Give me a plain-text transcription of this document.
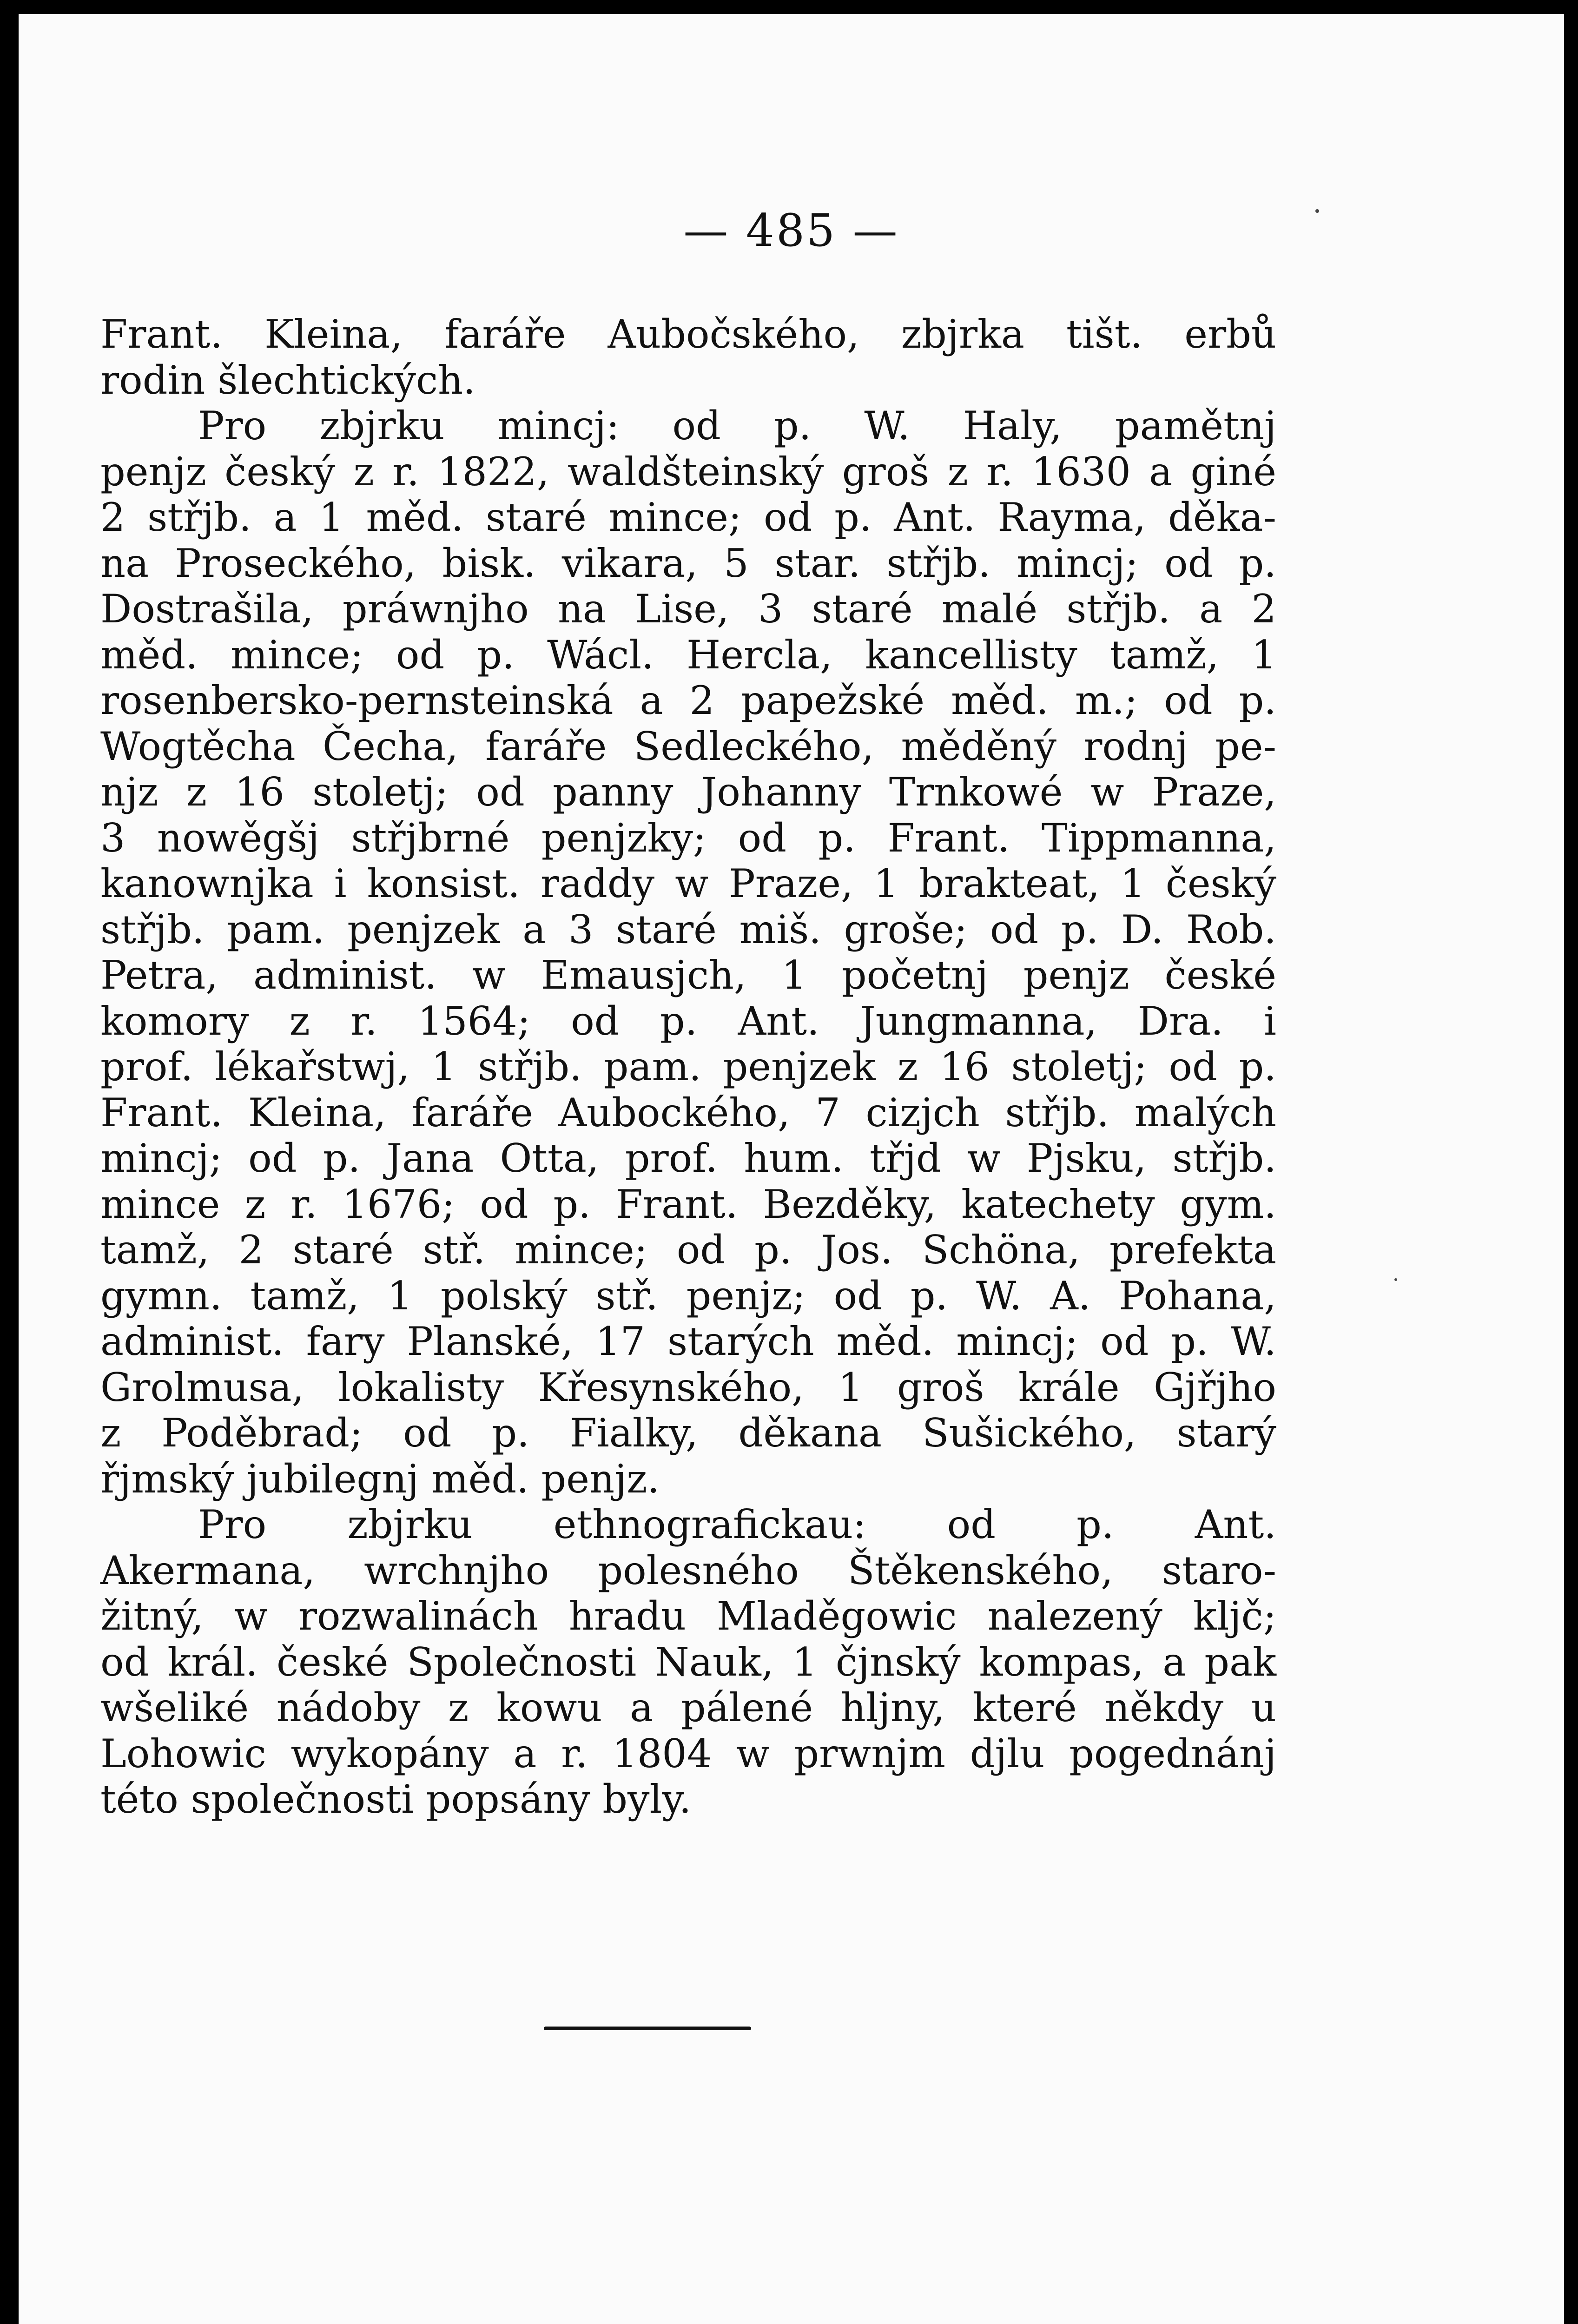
— 485 —
Frant. Kleina, faráře Aubočského, zbjrka tišt. erbů
rodin šlechtických.
Pro zbjrku mincj: od p. W. Haly, pamětnj
penjz český z r. 1822, waldšteinský groš z r. 1630 a giné
2 střjb. a 1 měd. staré mince; od p. Ant. Rayma, děka-
na Proseckého, bisk. vikara, 5 star. střjb. mincj; od p.
Dostrašila, práwnjho na Lise, 3 staré malé střjb. a 2
měd. mince; od p. Wácl. Hercla, kancellisty tamž, 1
rosenbersko-pernsteinská a 2 papežské měd. m.; od p.
Wogtěcha Čecha, faráře Sedleckého, měděný rodnj pe-
njz z 16 stoletj; od panny Johanny Trnkowé w Praze,
3 nowěgšj střjbrné penjzky; od p. Frant. Tippmanna,
kanownjka i konsist. raddy w Praze, 1 brakteat, 1 český
střjb. pam. penjzek a 3 staré miš. groše; od p. D. Rob.
Petra, administ. w Emausjch, 1 početnj penjz české
komory z r. 1564; od p. Ant. Jungmanna, Dra. i
prof. lékařstwj, 1 střjb. pam. penjzek z 16 stoletj; od p.
Frant. Kleina, faráře Aubockého, 7 cizjch střjb. malých
mincj; od p. Jana Otta, prof. hum. třjd w Pjsku, střjb.
mince z r. 1676; od p. Frant. Bezděky, katechety gym.
tamž, 2 staré stř. mince; od p. Jos. Schöna, prefekta
gymn. tamž, 1 polský stř. penjz; od p. W. A. Pohana,
administ. fary Planské, 17 starých měd. mincj; od p. W.
Grolmusa, lokalisty Křesynského, 1 groš krále Gjřjho
z Poděbrad; od p. Fialky, děkana Sušického, starý
řjmský jubilegnj měd. penjz.
Pro zbjrku ethnografickau: od p. Ant.
Akermana, wrchnjho polesného Štěkenského, staro-
žitný, w rozwalinách hradu Mladěgowic nalezený kljč;
od král. české Společnosti Nauk, 1 čjnský kompas, a pak
wšeliké nádoby z kowu a pálené hljny, které někdy u
Lohowic wykopány a r. 1804 w prwnjm djlu pogednánj
této společnosti popsány byly.
